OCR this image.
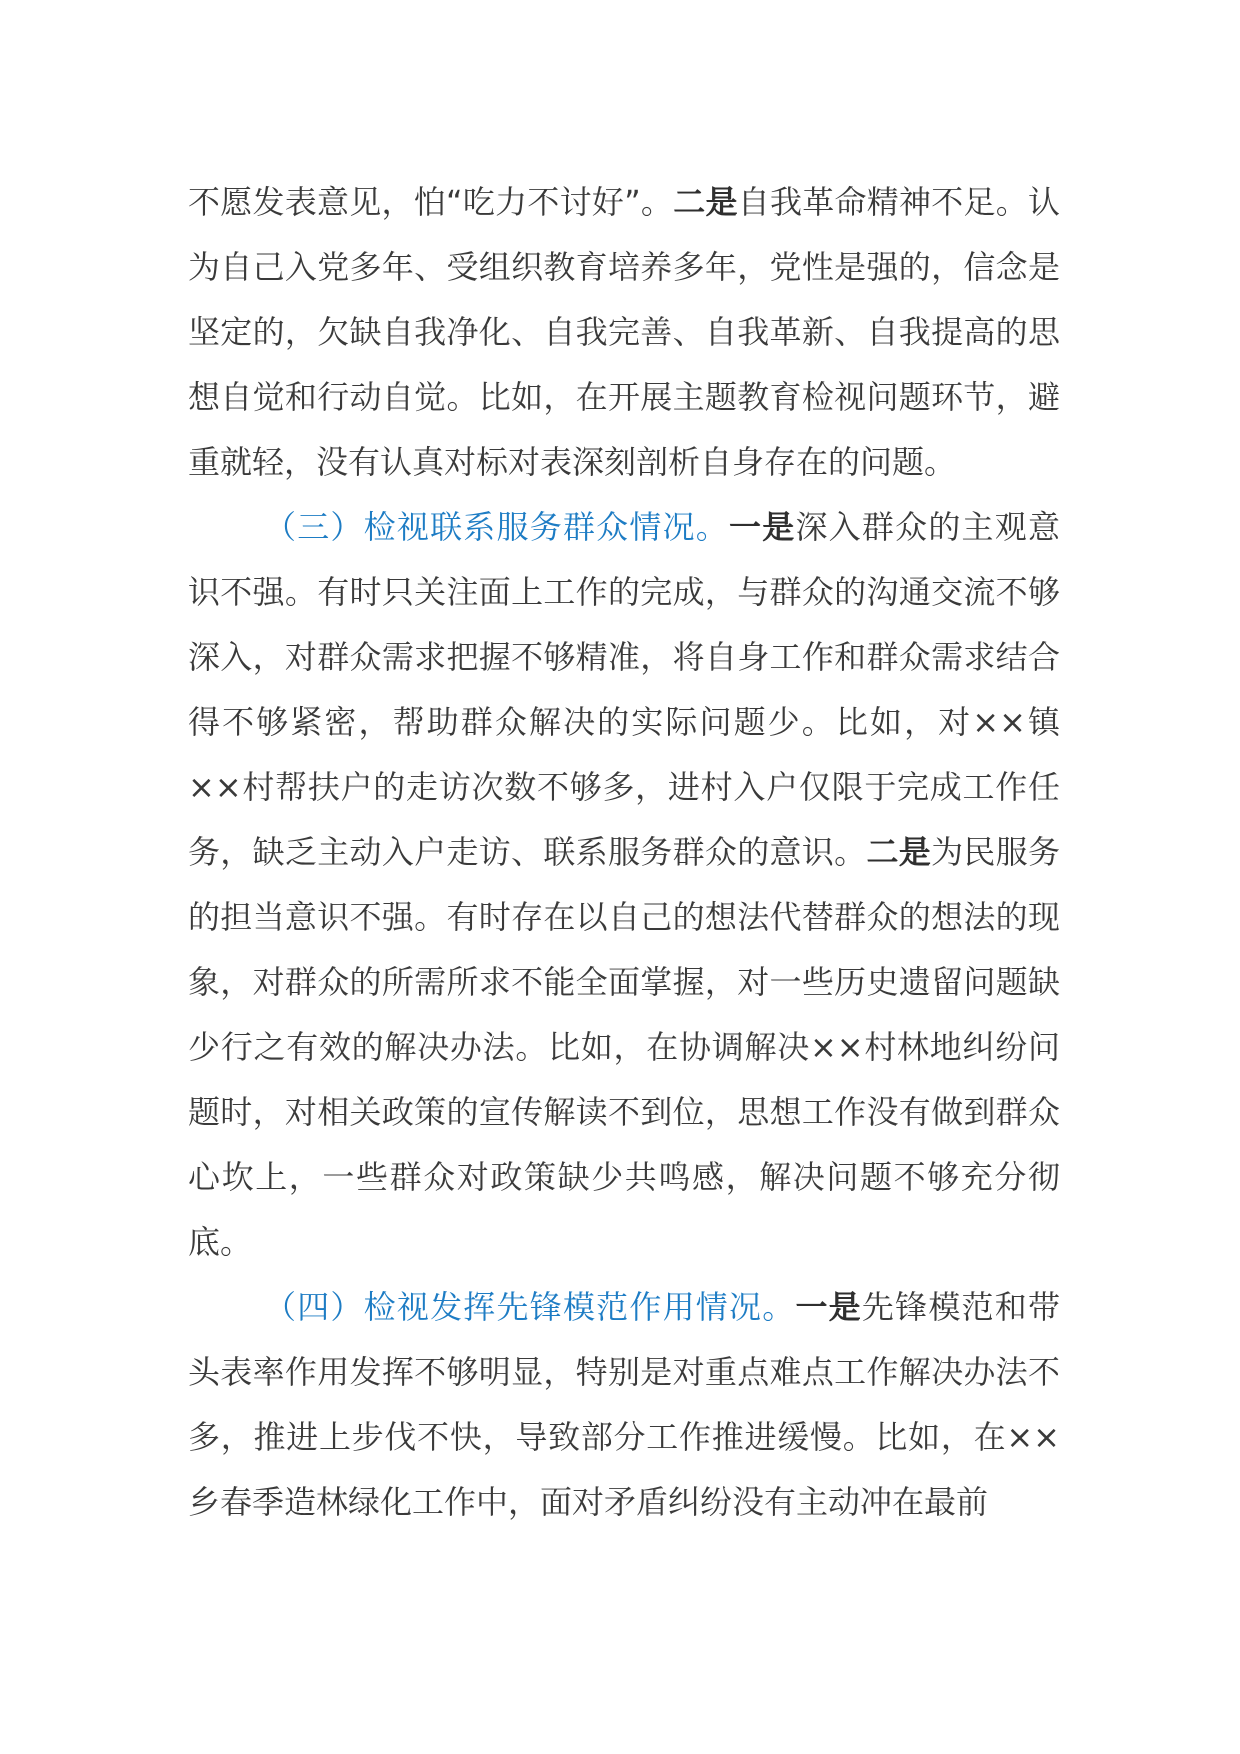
不愿发表意见，怕“吃力不讨好”。二是自我革命精神不足。认为自己入党多年、受组织教育培养多年，党性是强的，信念是坚定的，欠缺自我净化、自我完善、自我革新、自我提高的思想自觉和行动自觉。比如，在开展主题教育检视问题环节，避重就轻，没有认真对标对表深刻剖析自身存在的问题。

（三）检视联系服务群众情况。一是深入群众的主观意识不强。有时只关注面上工作的完成，与群众的沟通交流不够深入，对群众需求把握不够精准，将自身工作和群众需求结合得不够紧密，帮助群众解决的实际问题少。比如，对××镇××村帮扶户的走访次数不够多，进村入户仅限于完成工作任务，缺乏主动入户走访、联系服务群众的意识。二是为民服务的担当意识不强。有时存在以自己的想法代替群众的想法的现象，对群众的所需所求不能全面掌握，对一些历史遗留问题缺少行之有效的解决办法。比如，在协调解决××村林地纠纷问题时，对相关政策的宣传解读不到位，思想工作没有做到群众心坎上，一些群众对政策缺少共鸣感，解决问题不够充分彻底。

（四）检视发挥先锋模范作用情况。一是先锋模范和带头表率作用发挥不够明显，特别是对重点难点工作解决办法不多，推进上步伐不快，导致部分工作推进缓慢。比如，在××乡春季造林绿化工作中，面对矛盾纠纷没有主动冲在最前
